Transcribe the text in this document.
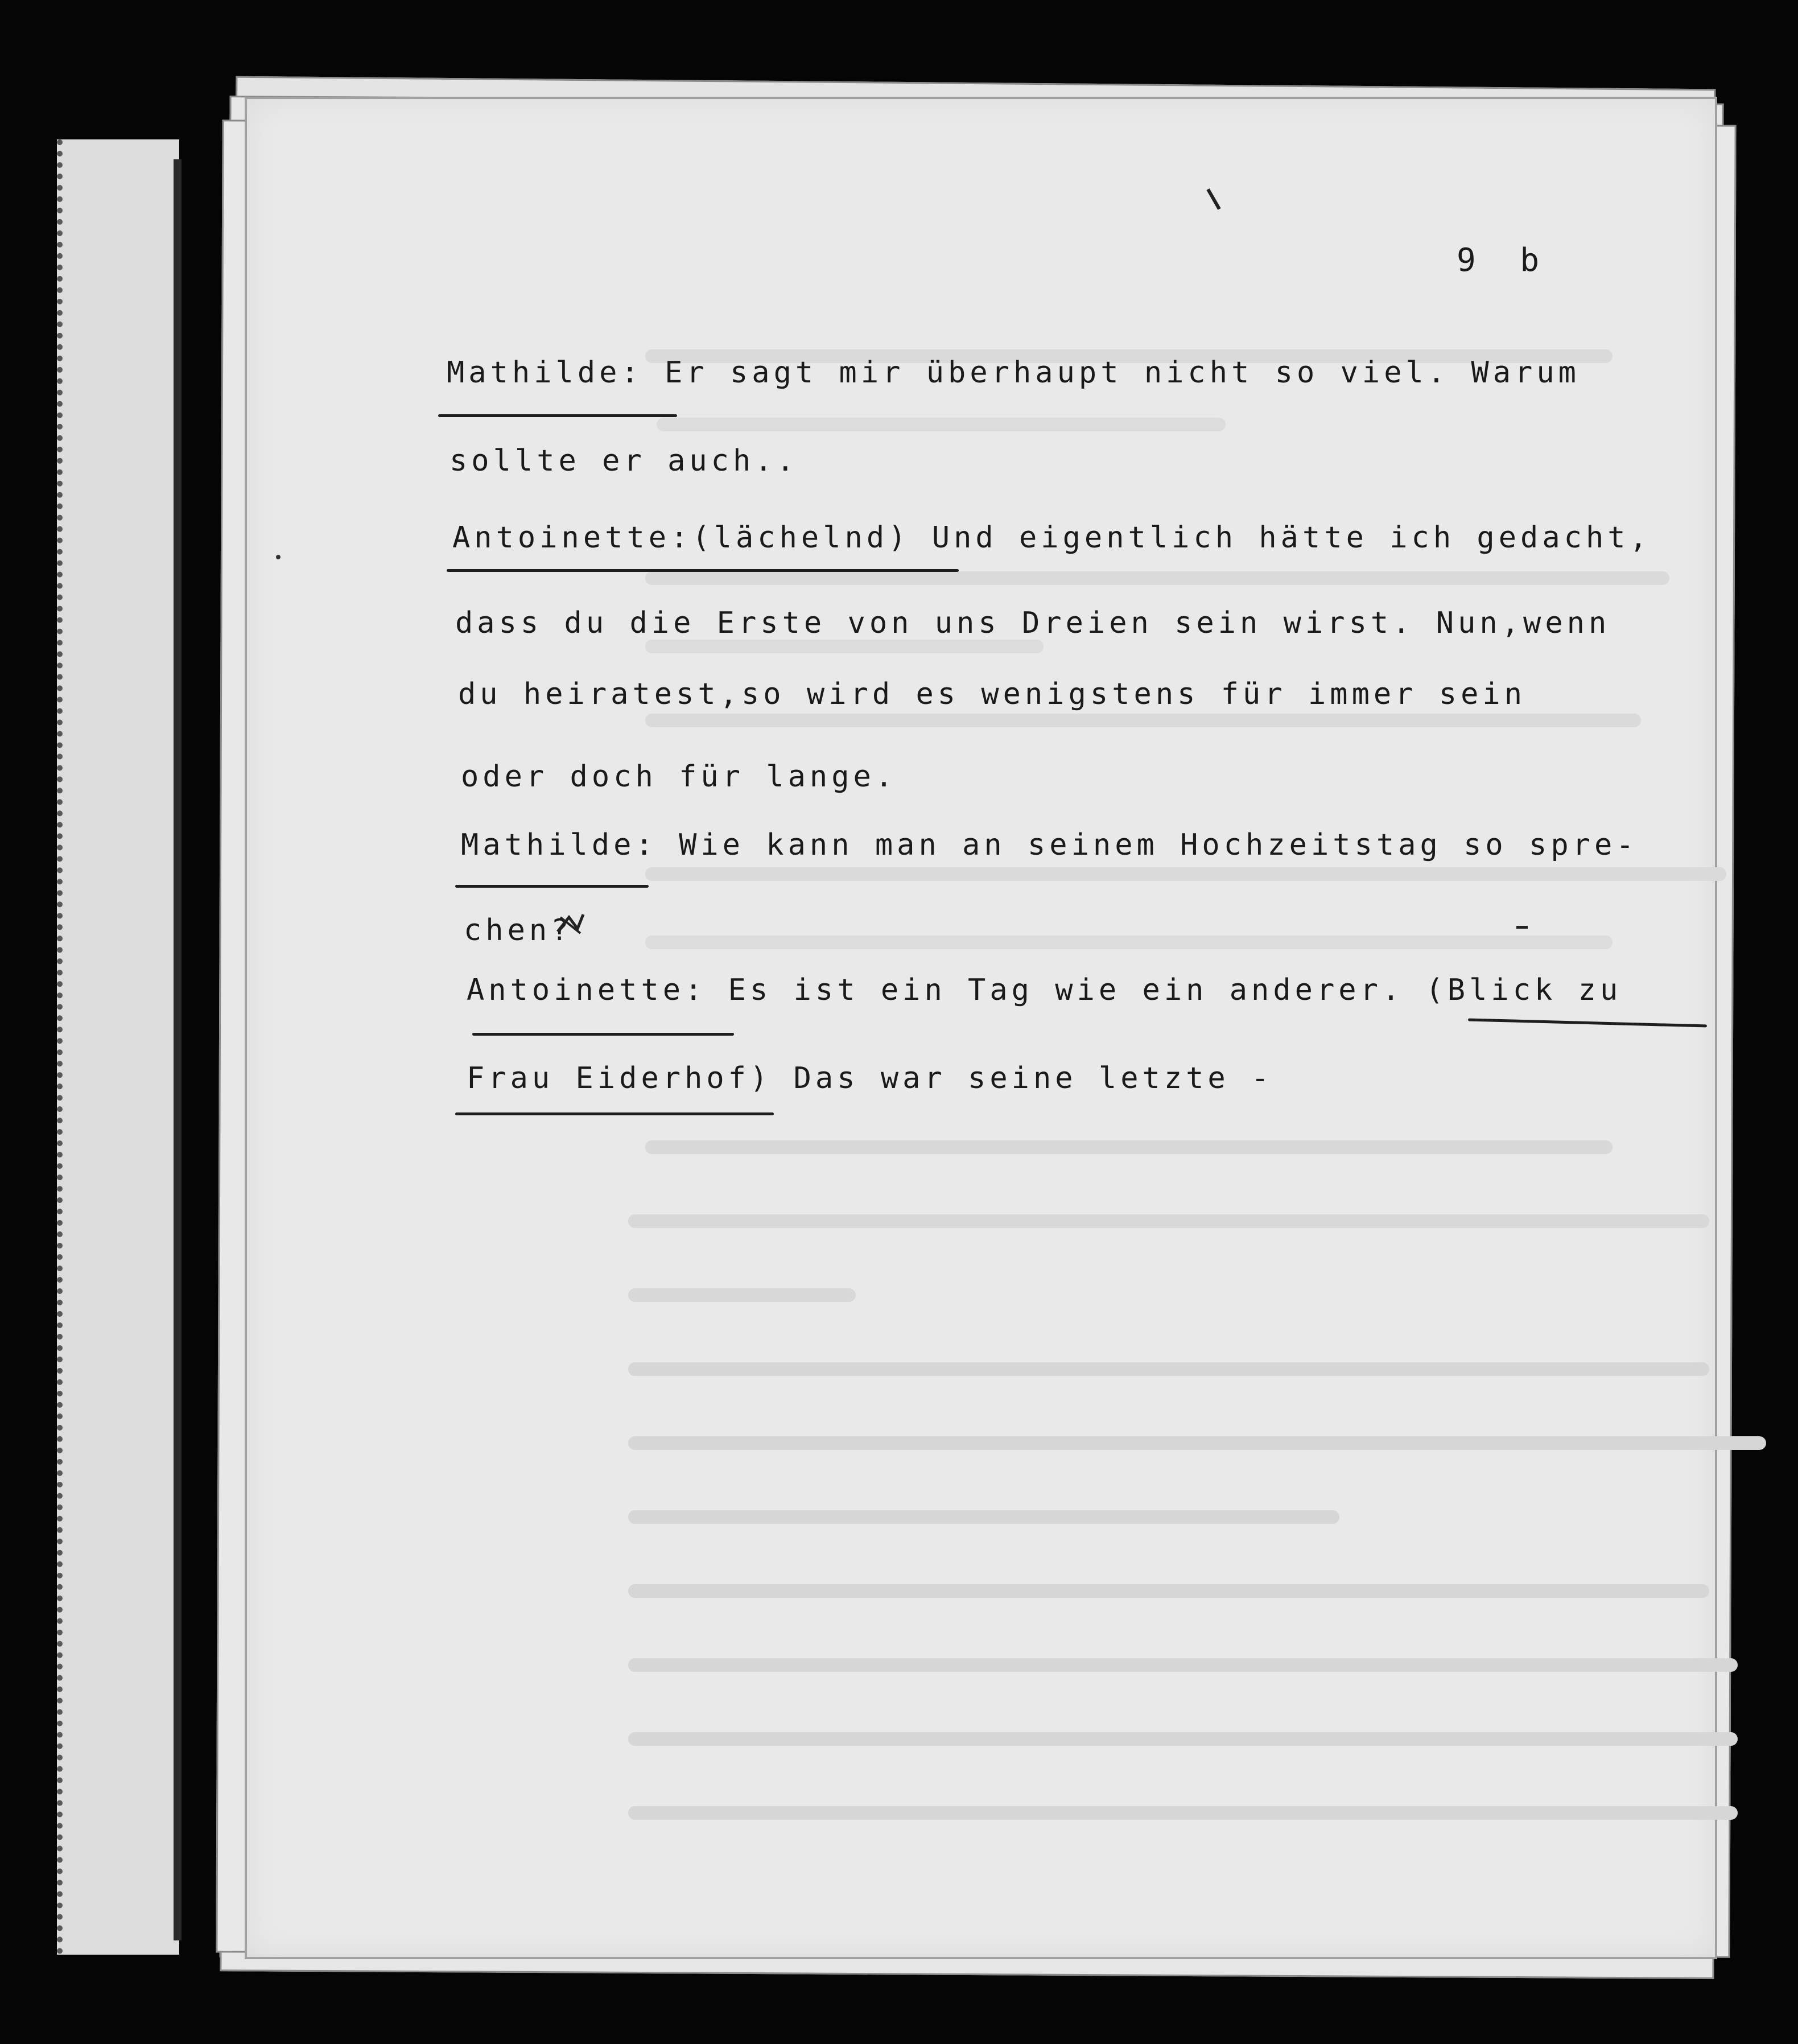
9 b
Mathilde: Er sagt mir überhaupt nicht so viel. Warum
sollte er auch..
Antoinette:(lächelnd) Und eigentlich hätte ich gedacht,
dass du die Erste von uns Dreien sein wirst. Nun,wenn
du heiratest,so wird es wenigstens für immer sein
oder doch für lange.
Mathilde: Wie kann man an seinem Hochzeitstag so spre-
chen?
Antoinette: Es ist ein Tag wie ein anderer. (Blick zu
Frau Eiderhof) Das war seine letzte -
